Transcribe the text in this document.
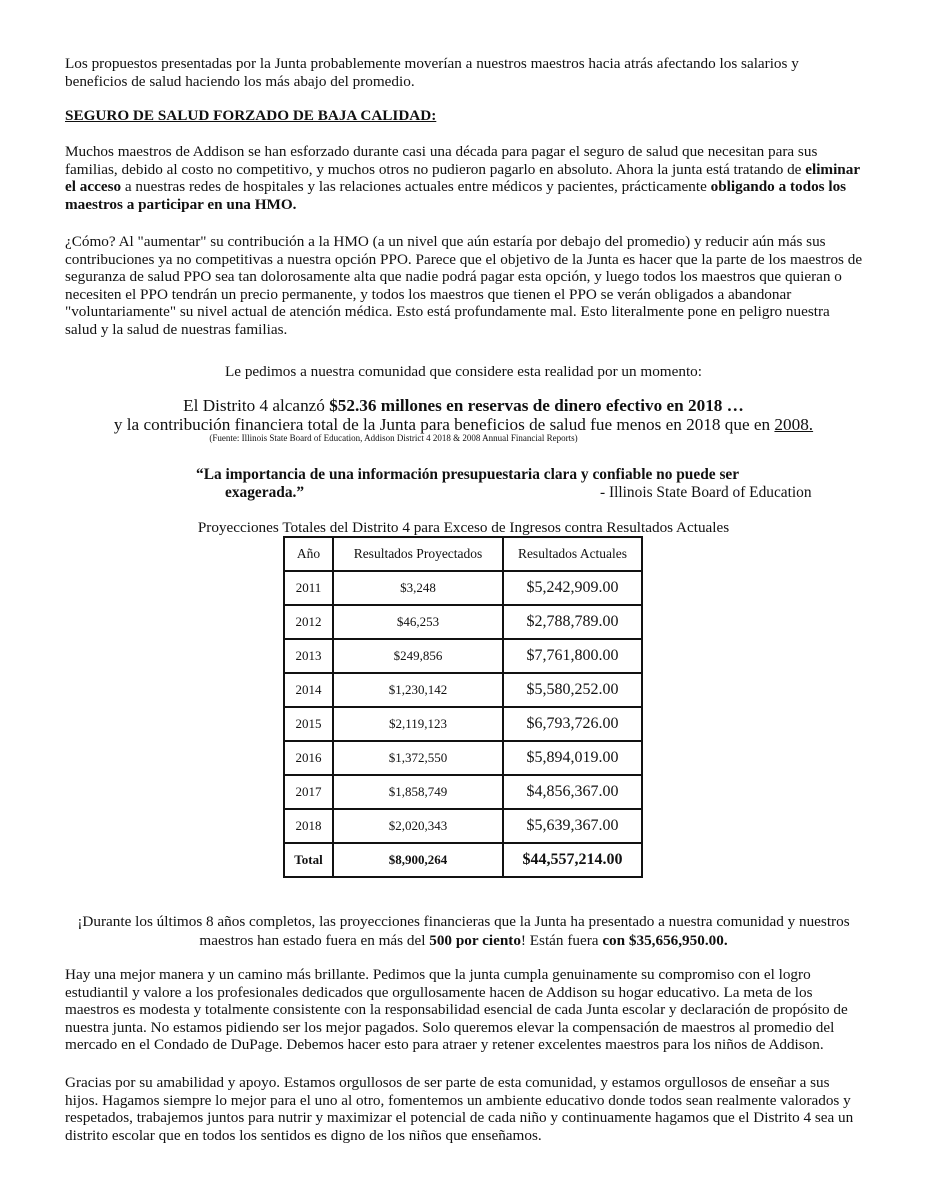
Los propuestos presentadas por la Junta probablemente moverían a nuestros maestros hacia atrás afectando los salarios y
beneficios de salud haciendo los más abajo del promedio.
SEGURO DE SALUD FORZADO DE BAJA CALIDAD:
Muchos maestros de Addison se han esforzado durante casi una década para pagar el seguro de salud que necesitan para sus familias, debido al costo no competitivo, y muchos otros no pudieron pagarlo en absoluto. Ahora la junta está tratando de eliminar el acceso a nuestras redes de hospitales y las relaciones actuales entre médicos y pacientes, prácticamente obligando a todos los maestros a participar en una HMO.
¿Cómo? Al "aumentar" su contribución a la HMO (a un nivel que aún estaría por debajo del promedio) y reducir aún más sus contribuciones ya no competitivas a nuestra opción PPO. Parece que el objetivo de la Junta es hacer que la parte de los maestros de seguranza de salud PPO sea tan dolorosamente alta que nadie podrá pagar esta opción, y luego todos los maestros que quieran o necesiten el PPO tendrán un precio permanente, y todos los maestros que tienen el PPO se verán obligados a abandonar "voluntariamente" su nivel actual de atención médica. Esto está profundamente mal. Esto literalmente pone en peligro nuestra salud y la salud de nuestras familias.
Le pedimos a nuestra comunidad que considere esta realidad por un momento:
El Distrito 4 alcanzó $52.36 millones en reservas de dinero efectivo en 2018 …
y la contribución financiera total de la Junta para beneficios de salud fue menos en 2018 que en 2008.
(Fuente: Illinois State Board of Education, Addison District 4 2018 & 2008 Annual Financial Reports)
“La importancia de una información presupuestaria clara y confiable no puede ser
exagerada.”	- Illinois State Board of Education
Proyecciones Totales del Distrito 4 para Exceso de Ingresos contra Resultados Actuales
Año	Resultados Proyectados	Resultados Actuales
2011	$3,248	$5,242,909.00
2012	$46,253	$2,788,789.00
2013	$249,856	$7,761,800.00
2014	$1,230,142	$5,580,252.00
2015	$2,119,123	$6,793,726.00
2016	$1,372,550	$5,894,019.00
2017	$1,858,749	$4,856,367.00
2018	$2,020,343	$5,639,367.00
Total	$8,900,264	$44,557,214.00
¡Durante los últimos 8 años completos, las proyecciones financieras que la Junta ha presentado a nuestra comunidad y nuestros
maestros han estado fuera en más del 500 por ciento! Están fuera con $35,656,950.00.
Hay una mejor manera y un camino más brillante. Pedimos que la junta cumpla genuinamente su compromiso con el logro estudiantil y valore a los profesionales dedicados que orgullosamente hacen de Addison su hogar educativo. La meta de los maestros es modesta y totalmente consistente con la responsabilidad esencial de cada Junta escolar y declaración de propósito de nuestra junta. No estamos pidiendo ser los mejor pagados. Solo queremos elevar la compensación de maestros al promedio del mercado en el Condado de DuPage. Debemos hacer esto para atraer y retener excelentes maestros para los niños de Addison.
Gracias por su amabilidad y apoyo. Estamos orgullosos de ser parte de esta comunidad, y estamos orgullosos de enseñar a sus hijos. Hagamos siempre lo mejor para el uno al otro, fomentemos un ambiente educativo donde todos sean realmente valorados y respetados, trabajemos juntos para nutrir y maximizar el potencial de cada niño y continuamente hagamos que el Distrito 4 sea un distrito escolar que en todos los sentidos es digno de los niños que enseñamos.
